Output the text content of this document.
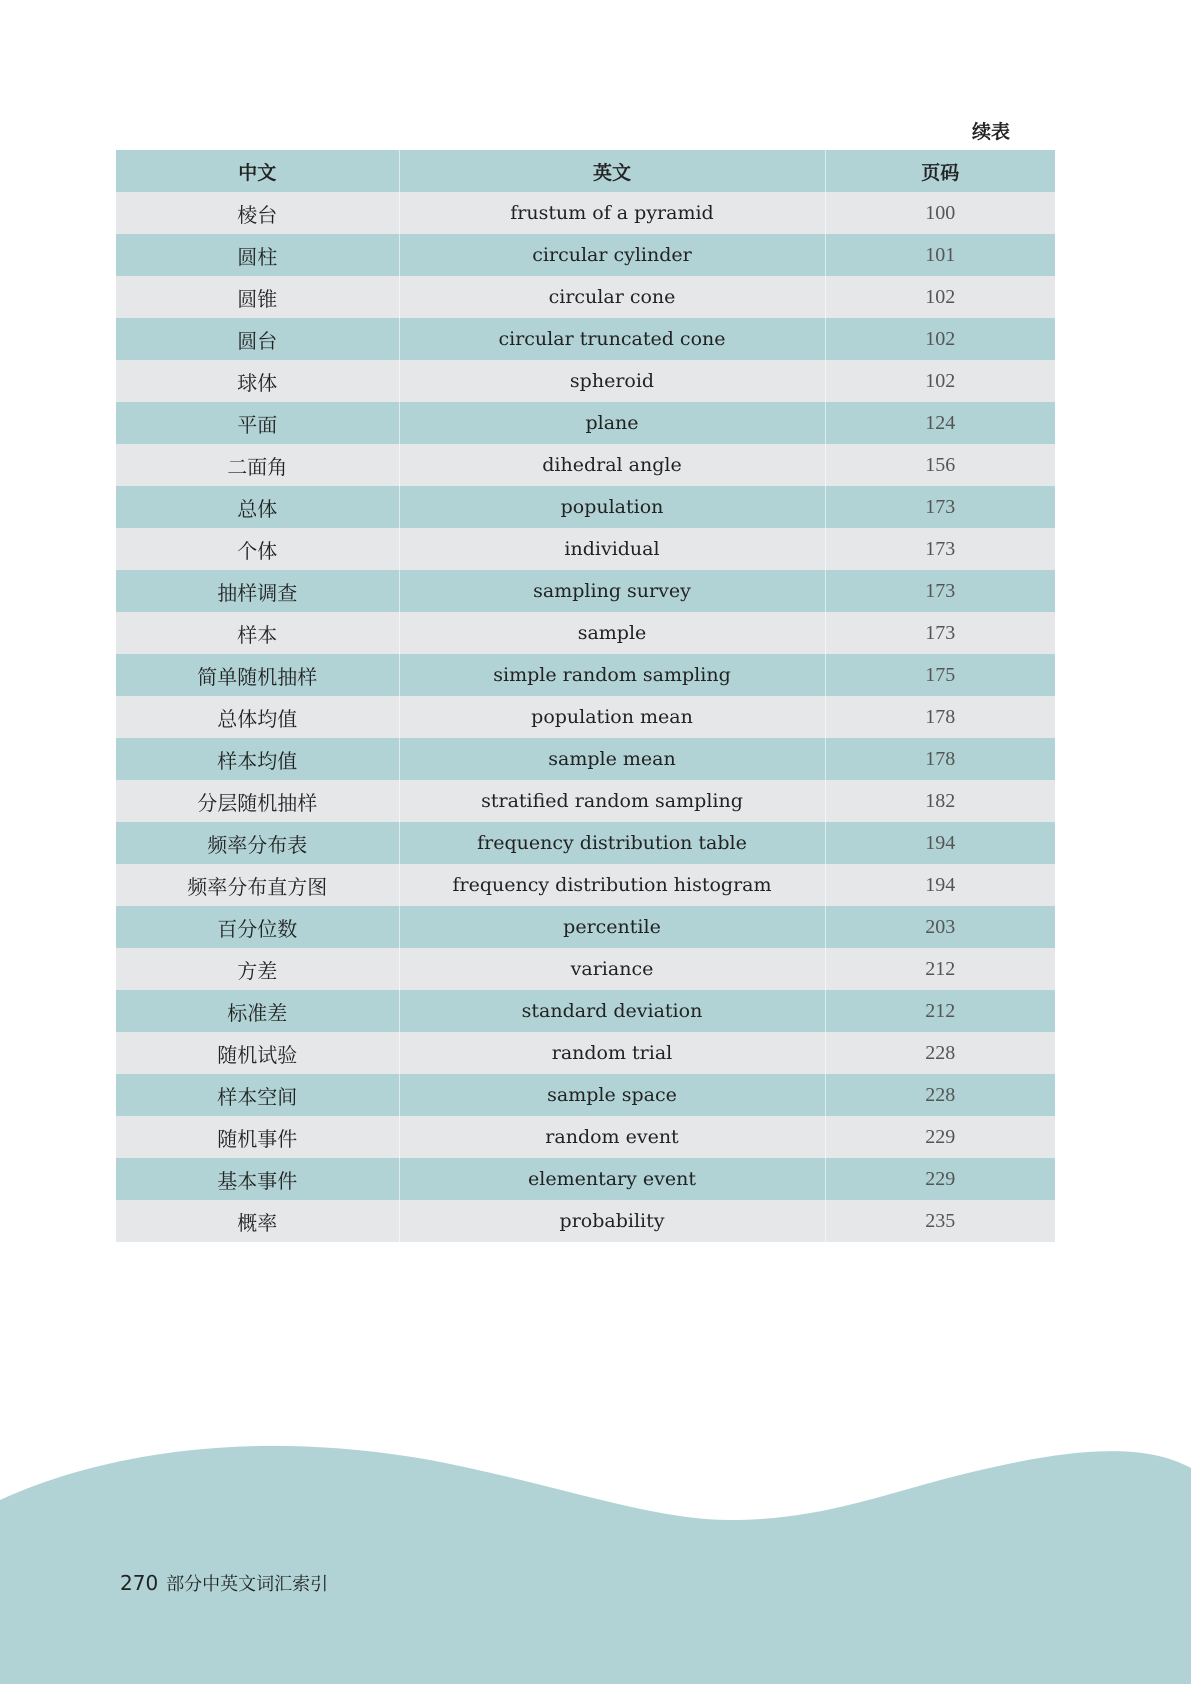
续表
中文	英文	页码
棱台	frustum of a pyramid	100
圆柱	circular cylinder	101
圆锥	circular cone	102
圆台	circular truncated cone	102
球体	spheroid	102
平面	plane	124
二面角	dihedral angle	156
总体	population	173
个体	individual	173
抽样调查	sampling survey	173
样本	sample	173
简单随机抽样	simple random sampling	175
总体均值	population mean	178
样本均值	sample mean	178
分层随机抽样	stratified random sampling	182
频率分布表	frequency distribution table	194
频率分布直方图	frequency distribution histogram	194
百分位数	percentile	203
方差	variance	212
标准差	standard deviation	212
随机试验	random trial	228
样本空间	sample space	228
随机事件	random event	229
基本事件	elementary event	229
概率	probability	235
270 部分中英文词汇索引
